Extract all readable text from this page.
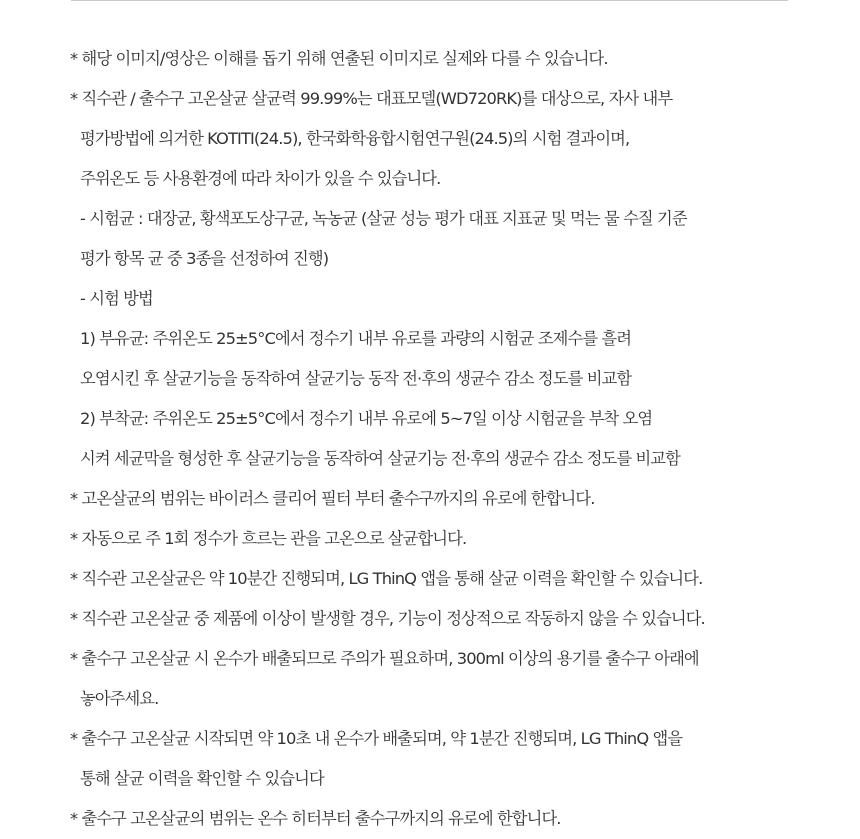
* 해당 이미지/영상은 이해를 돕기 위해 연출된 이미지로 실제와 다를 수 있습니다.
* 직수관 / 출수구 고온살균 살균력 99.99%는 대표모델(WD720RK)를 대상으로, 자사 내부
평가방법에 의거한 KOTITI(24.5), 한국화학융합시험연구원(24.5)의 시험 결과이며,
주위온도 등 사용환경에 따라 차이가 있을 수 있습니다.
- 시험균 : 대장균, 황색포도상구균, 녹농균 (살균 성능 평가 대표 지표균 및 먹는 물 수질 기준
평가 항목 균 중 3종을 선정하여 진행)
- 시험 방법
1) 부유균: 주위온도 25±5°C에서 정수기 내부 유로를 과량의 시험균 조제수를 흘려
오염시킨 후 살균기능을 동작하여 살균기능 동작 전·후의 생균수 감소 정도를 비교함
2) 부착균: 주위온도 25±5°C에서 정수기 내부 유로에 5~7일 이상 시험균을 부착 오염
시켜 세균막을 형성한 후 살균기능을 동작하여 살균기능 전·후의 생균수 감소 정도를 비교함
* 고온살균의 범위는 바이러스 클리어 필터 부터 출수구까지의 유로에 한합니다.
* 자동으로 주 1회 정수가 흐르는 관을 고온으로 살균합니다.
* 직수관 고온살균은 약 10분간 진행되며, LG ThinQ 앱을 통해 살균 이력을 확인할 수 있습니다.
* 직수관 고온살균 중 제품에 이상이 발생할 경우, 기능이 정상적으로 작동하지 않을 수 있습니다.
* 출수구 고온살균 시 온수가 배출되므로 주의가 필요하며, 300ml 이상의 용기를 출수구 아래에
놓아주세요.
* 출수구 고온살균 시작되면 약 10초 내 온수가 배출되며, 약 1분간 진행되며, LG ThinQ 앱을
통해 살균 이력을 확인할 수 있습니다
* 출수구 고온살균의 범위는 온수 히터부터 출수구까지의 유로에 한합니다.
